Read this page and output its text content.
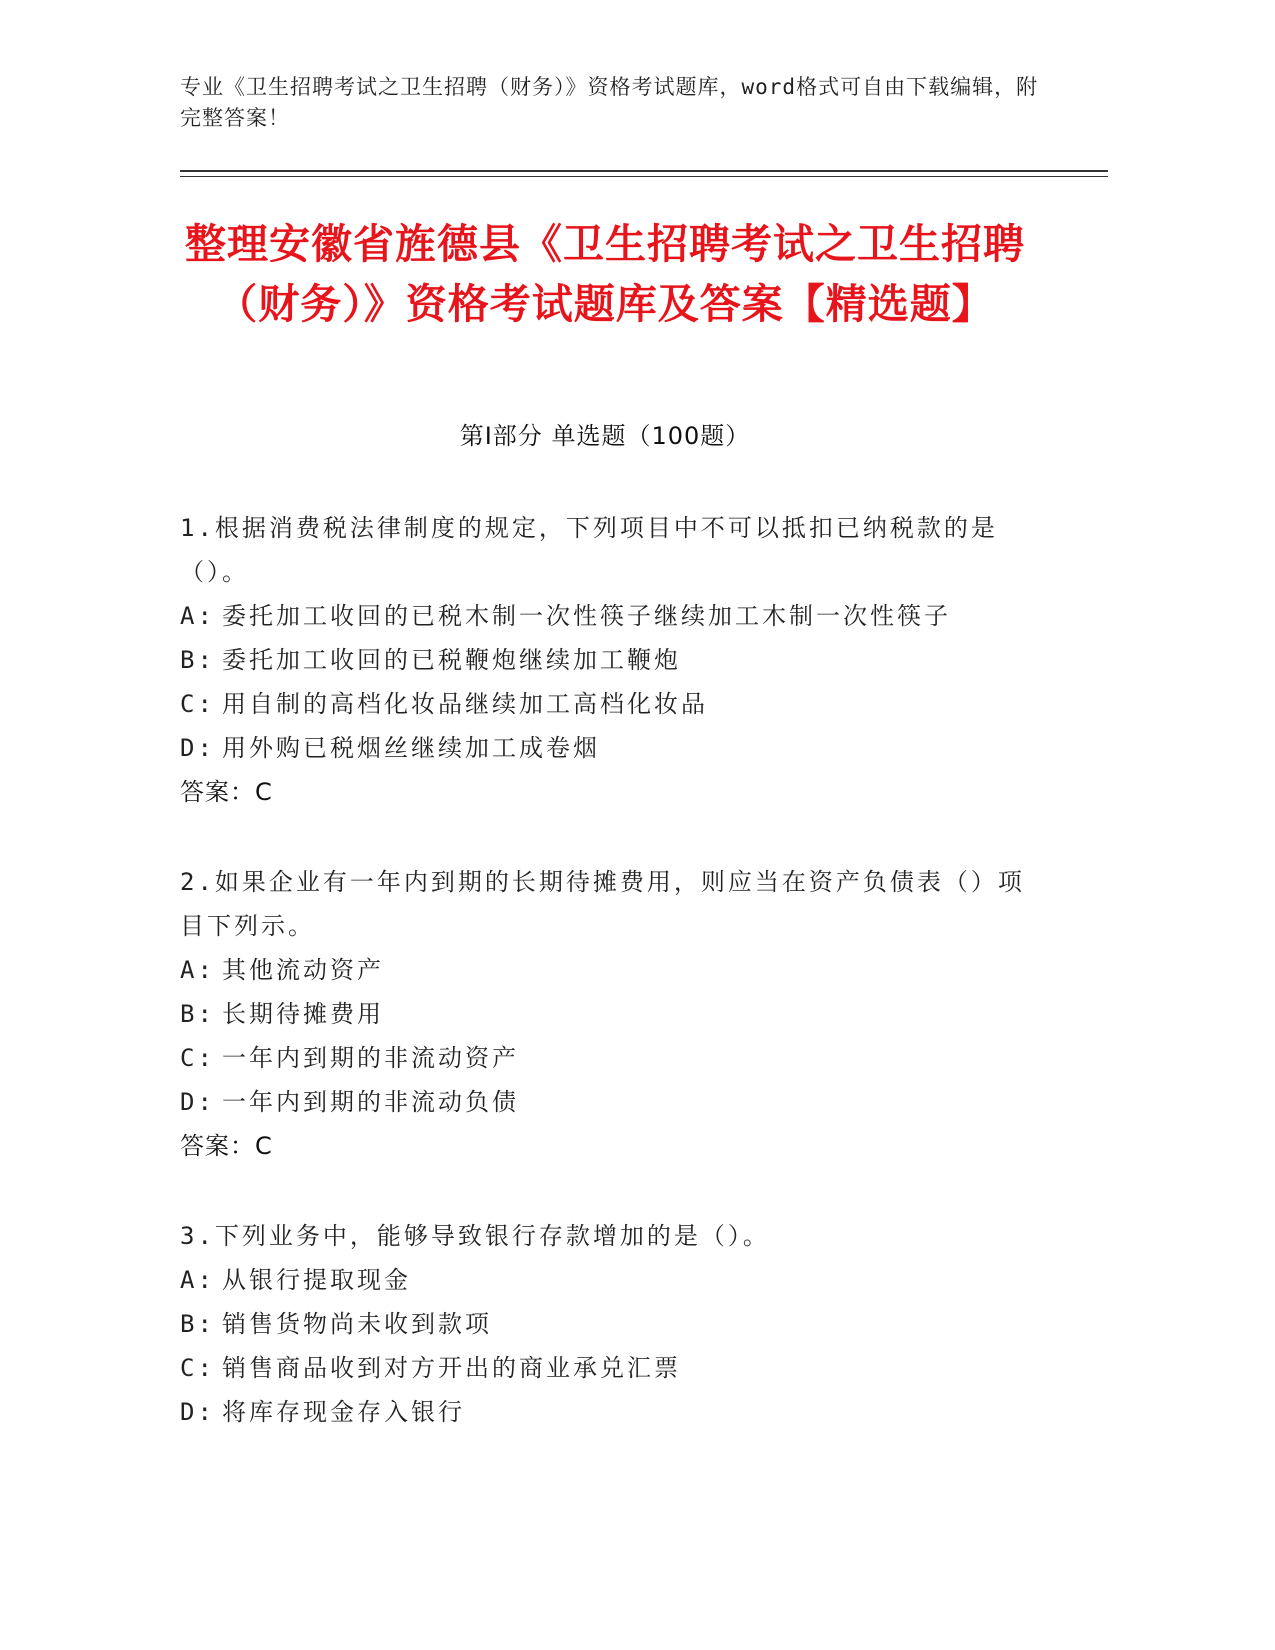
专业《卫生招聘考试之卫生招聘（财务）》资格考试题库，word格式可自由下载编辑，附完整答案！
整理安徽省旌德县《卫生招聘考试之卫生招聘（财务）》资格考试题库及答案【精选题】
第Ⅰ部分 单选题（100题）
1.根据消费税法律制度的规定，下列项目中不可以抵扣已纳税款的是（）。
A: 委托加工收回的已税木制一次性筷子继续加工木制一次性筷子
B: 委托加工收回的已税鞭炮继续加工鞭炮
C: 用自制的高档化妆品继续加工高档化妆品
D: 用外购已税烟丝继续加工成卷烟
答案：C
2.如果企业有一年内到期的长期待摊费用，则应当在资产负债表（）项目下列示。
A: 其他流动资产
B: 长期待摊费用
C: 一年内到期的非流动资产
D: 一年内到期的非流动负债
答案：C
3.下列业务中，能够导致银行存款增加的是（）。
A: 从银行提取现金
B: 销售货物尚未收到款项
C: 销售商品收到对方开出的商业承兑汇票
D: 将库存现金存入银行
